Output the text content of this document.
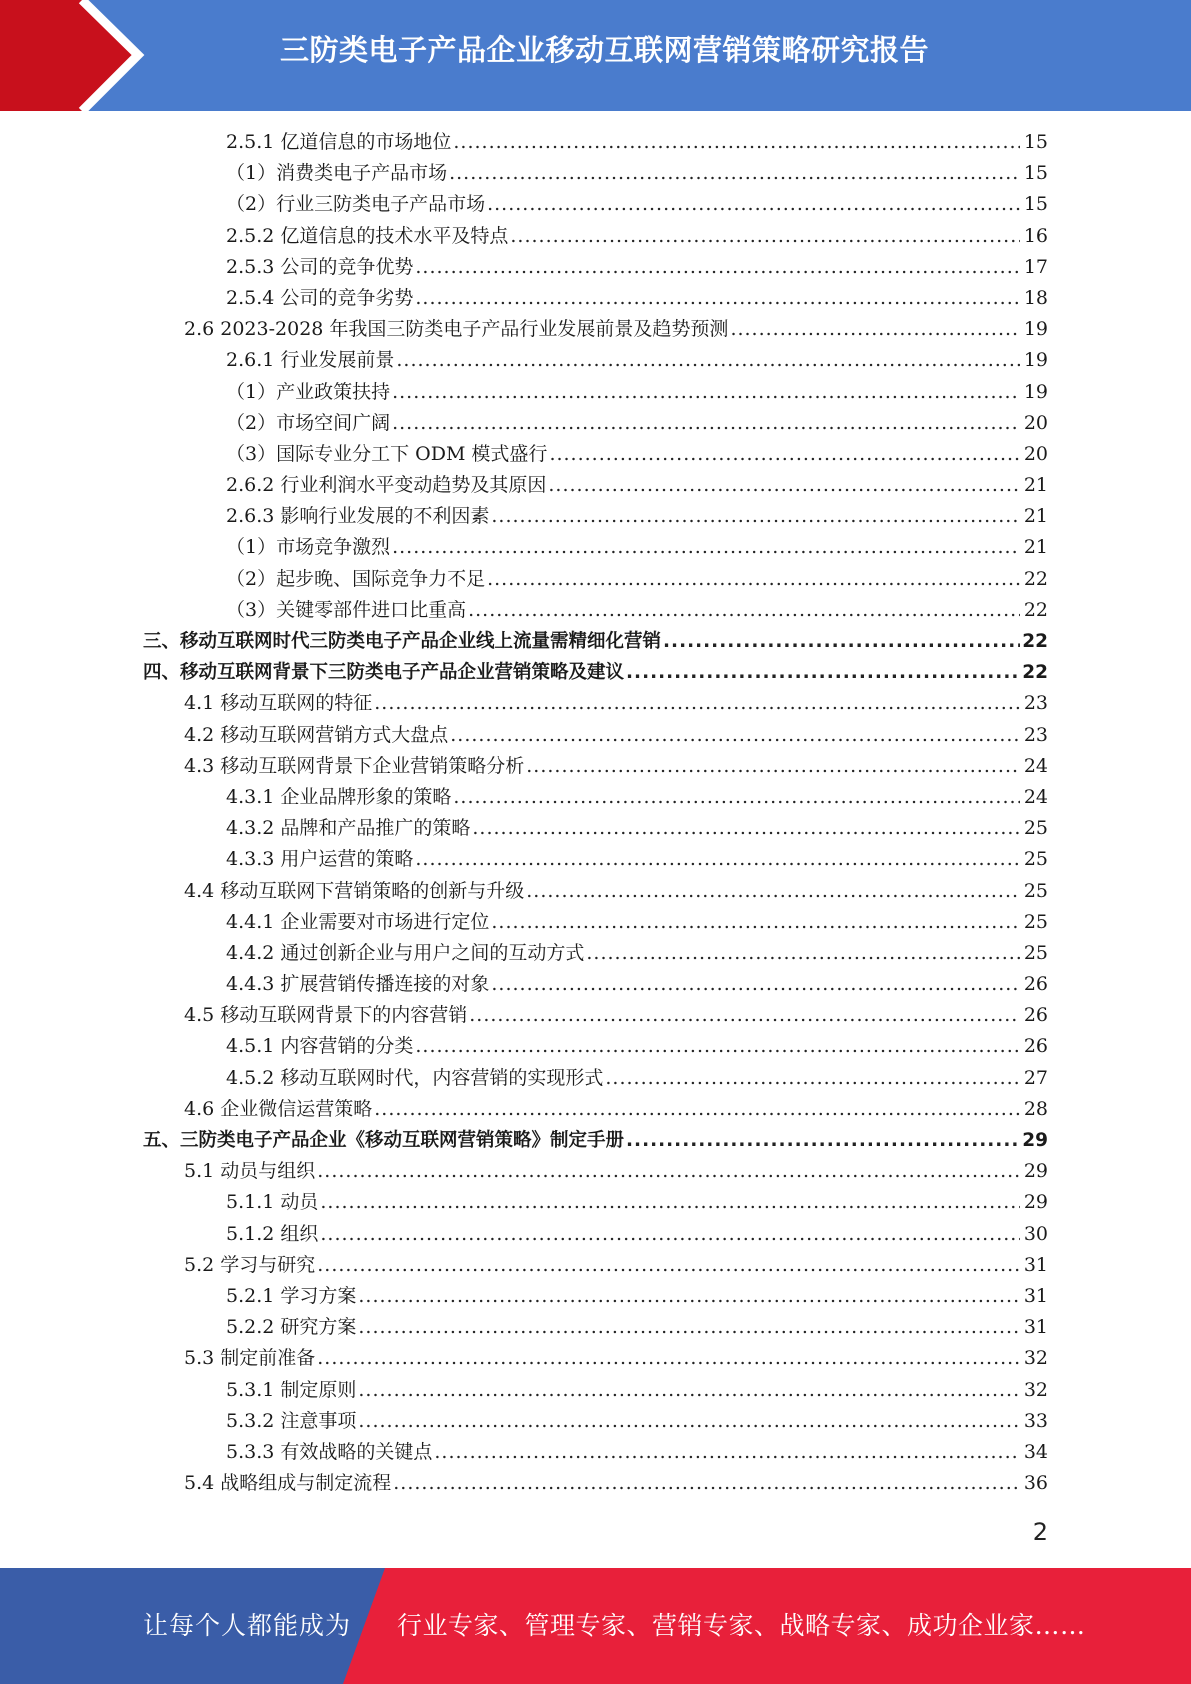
三防类电子产品企业移动互联网营销策略研究报告
2.5.1 亿道信息的市场地位 .....	15
（1）消费类电子产品市场 .....	15
（2）行业三防类电子产品市场 .....	15
2.5.2 亿道信息的技术水平及特点 .....	16
2.5.3 公司的竞争优势 .....	17
2.5.4 公司的竞争劣势 .....	18
2.6 2023-2028 年我国三防类电子产品行业发展前景及趋势预测 .....	19
2.6.1 行业发展前景 .....	19
（1）产业政策扶持 .....	19
（2）市场空间广阔 .....	20
（3）国际专业分工下 ODM 模式盛行 .....	20
2.6.2 行业利润水平变动趋势及其原因 .....	21
2.6.3 影响行业发展的不利因素 .....	21
（1）市场竞争激烈 .....	21
（2）起步晚、国际竞争力不足 .....	22
（3）关键零部件进口比重高 .....	22
三、移动互联网时代三防类电子产品企业线上流量需精细化营销 .....	22
四、移动互联网背景下三防类电子产品企业营销策略及建议 .....	22
4.1 移动互联网的特征 .....	23
4.2 移动互联网营销方式大盘点 .....	23
4.3 移动互联网背景下企业营销策略分析 .....	24
4.3.1 企业品牌形象的策略 .....	24
4.3.2 品牌和产品推广的策略 .....	25
4.3.3 用户运营的策略 .....	25
4.4 移动互联网下营销策略的创新与升级 .....	25
4.4.1 企业需要对市场进行定位 .....	25
4.4.2 通过创新企业与用户之间的互动方式 .....	25
4.4.3 扩展营销传播连接的对象 .....	26
4.5 移动互联网背景下的内容营销 .....	26
4.5.1 内容营销的分类 .....	26
4.5.2 移动互联网时代，内容营销的实现形式 .....	27
4.6 企业微信运营策略 .....	28
五、三防类电子产品企业《移动互联网营销策略》制定手册 .....	29
5.1 动员与组织 .....	29
5.1.1 动员 .....	29
5.1.2 组织 .....	30
5.2 学习与研究 .....	31
5.2.1 学习方案 .....	31
5.2.2 研究方案 .....	31
5.3 制定前准备 .....	32
5.3.1 制定原则 .....	32
5.3.2 注意事项 .....	33
5.3.3 有效战略的关键点 .....	34
5.4 战略组成与制定流程 .....	36
2
让每个人都能成为 行业专家、管理专家、营销专家、战略专家、成功企业家……
